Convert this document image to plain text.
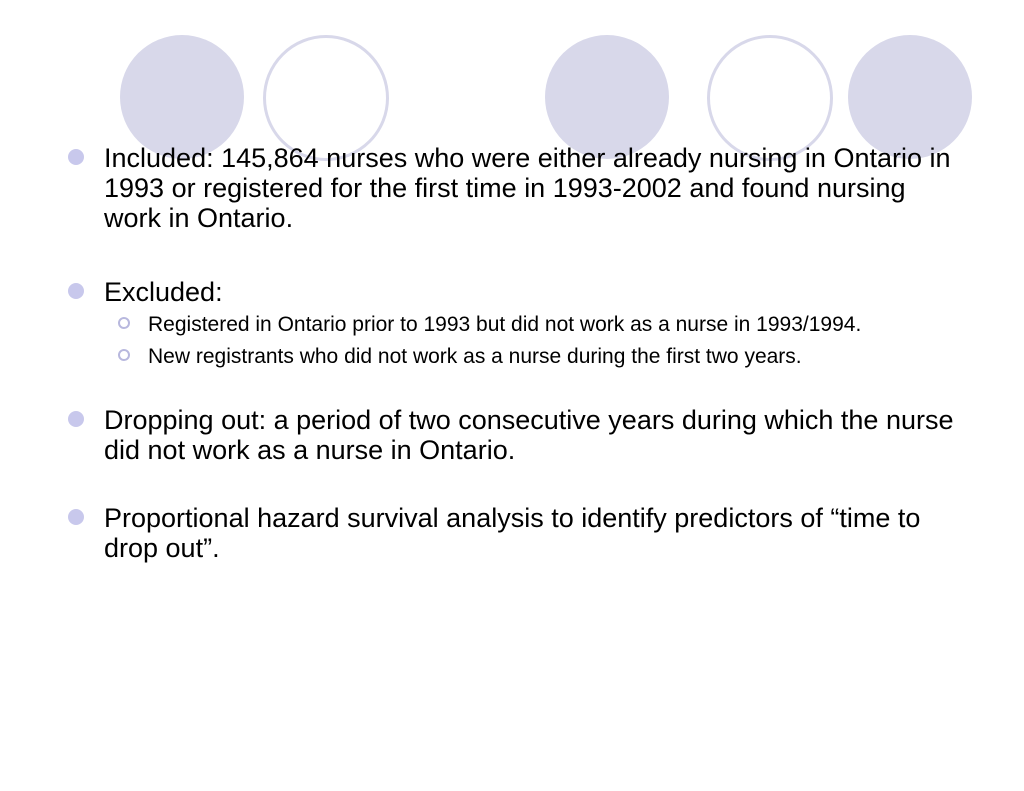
Included: 145,864 nurses who were either already nursing in Ontario in 1993 or registered for the first time in 1993-2002 and found nursing work in Ontario.
Excluded:
Registered in Ontario prior to 1993 but did not work as a nurse in 1993/1994.
New registrants who did not work as a nurse during the first two years.
Dropping out: a period of two consecutive years during which the nurse did not work as a nurse in Ontario.
Proportional hazard survival analysis to identify predictors of “time to drop out”.
